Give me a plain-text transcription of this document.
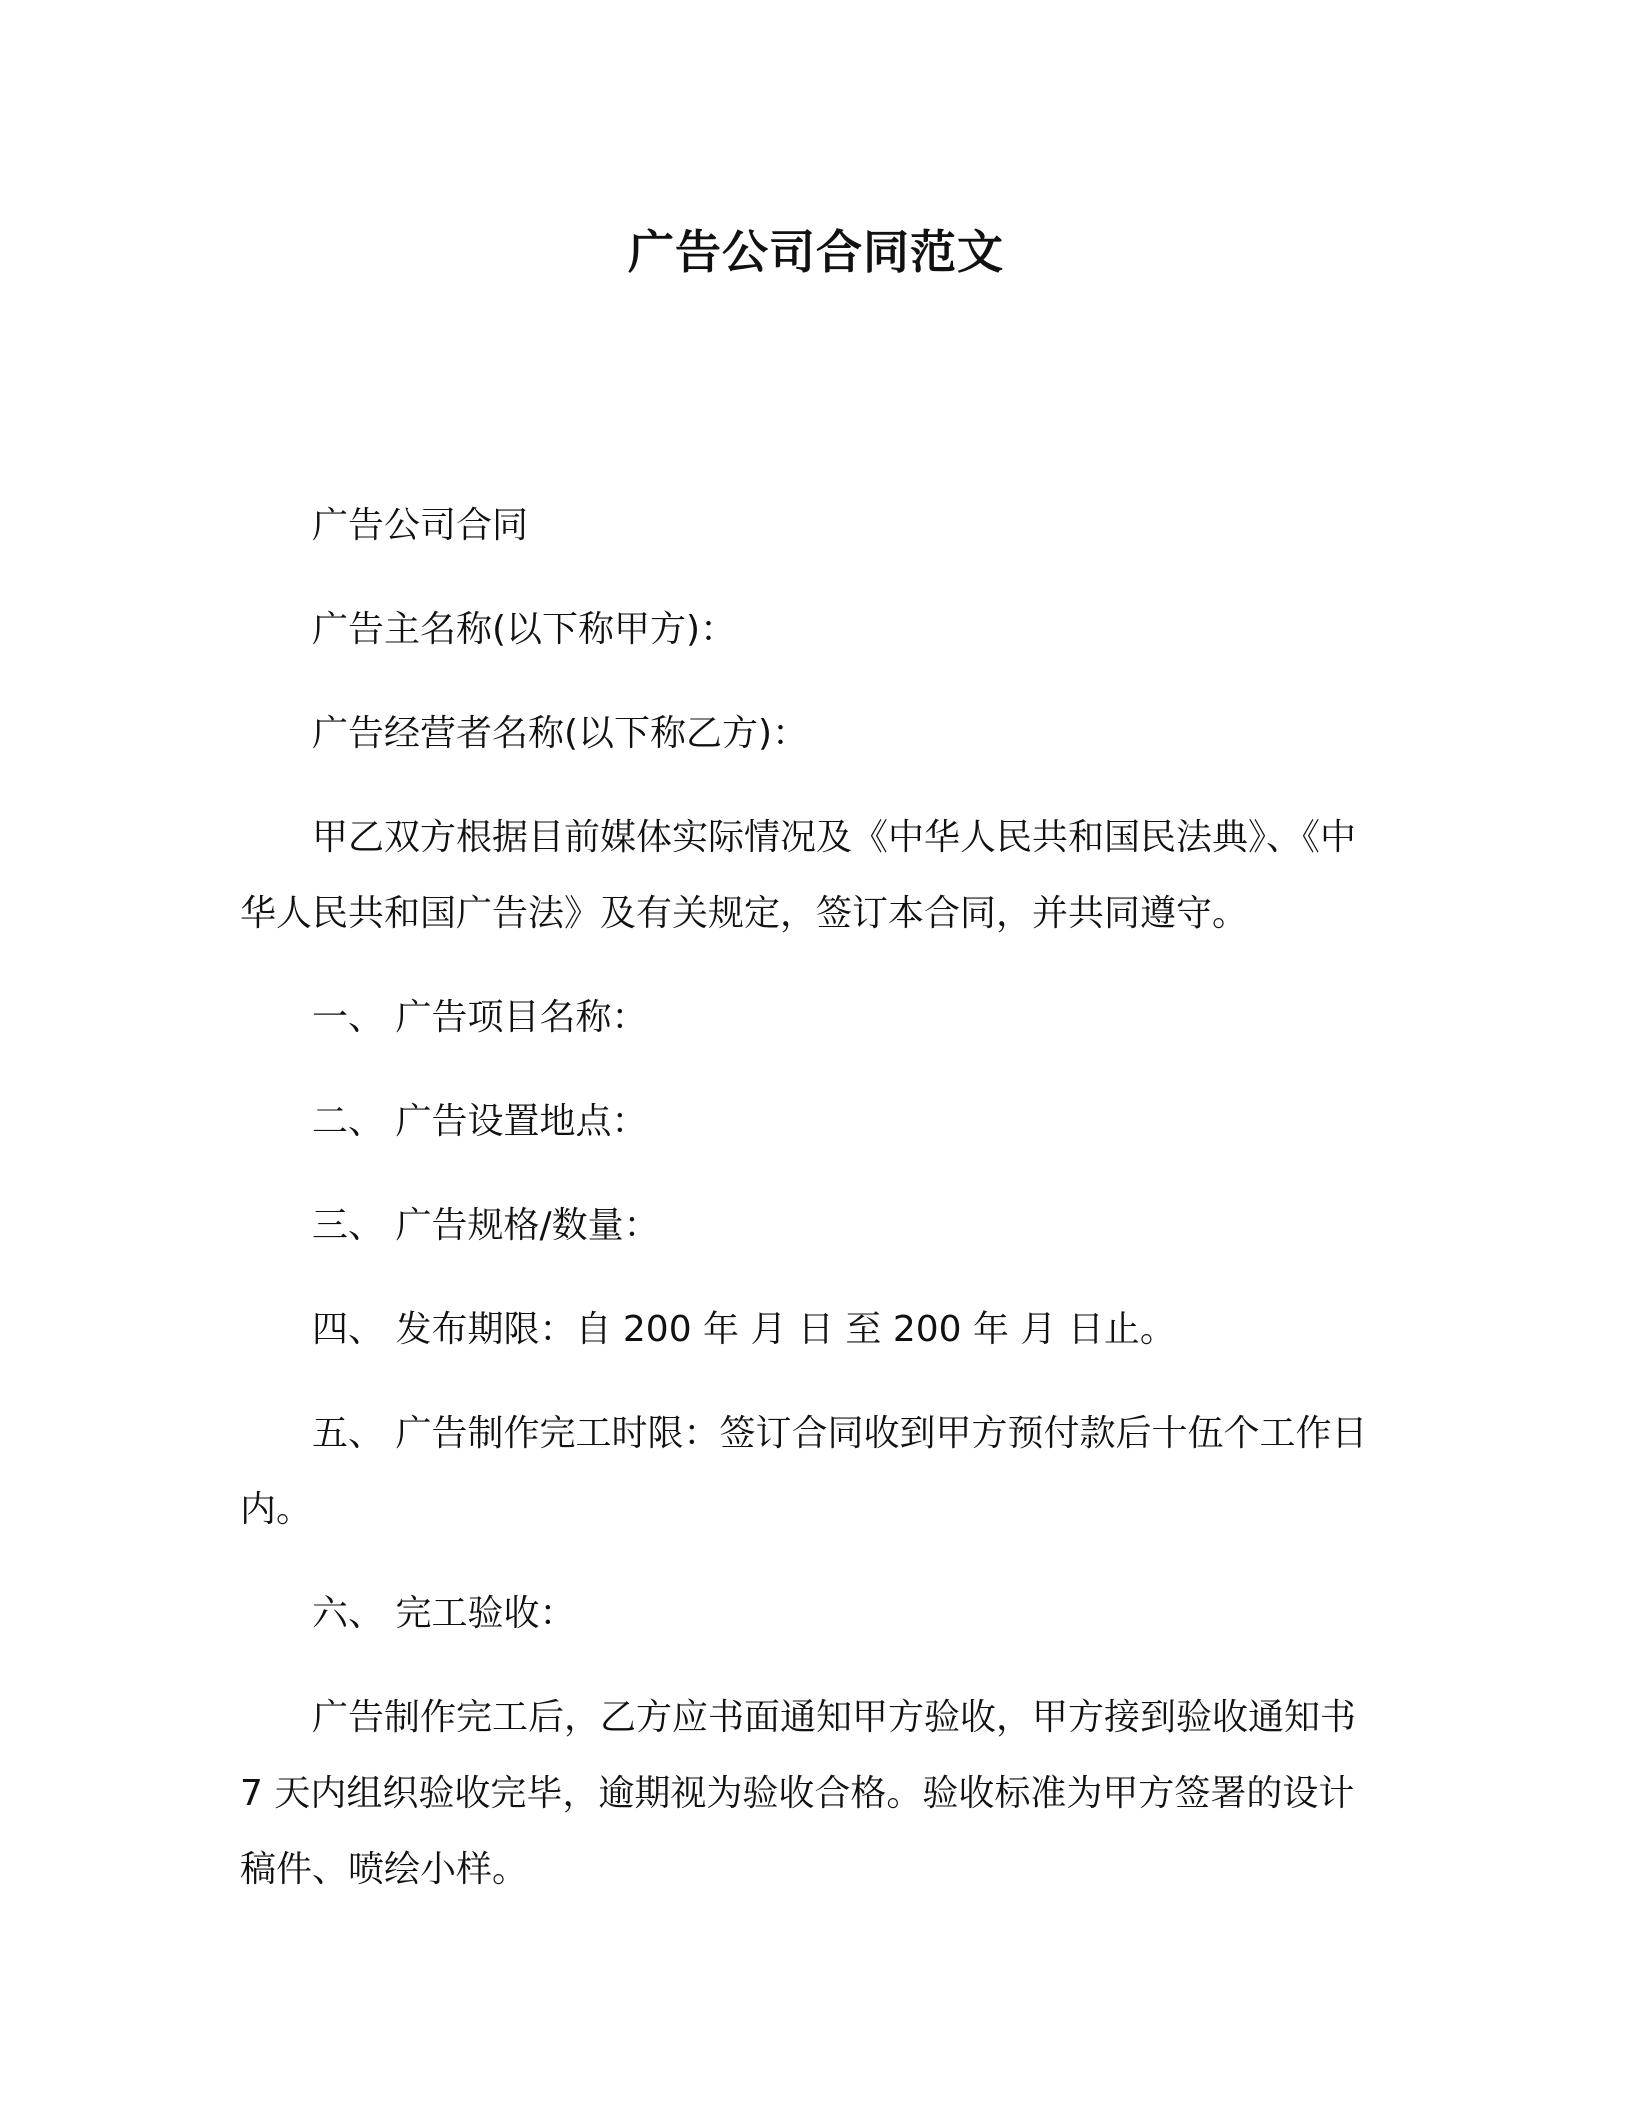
广告公司合同范文

广告公司合同

广告主名称(以下称甲方)：

广告经营者名称(以下称乙方)：

甲乙双方根据目前媒体实际情况及《中华人民共和国民法典》、《中华人民共和国广告法》及有关规定，签订本合同，并共同遵守。

一、 广告项目名称：

二、 广告设置地点：

三、 广告规格/数量：

四、 发布期限：自 200 年 月 日 至 200 年 月 日止。

五、 广告制作完工时限：签订合同收到甲方预付款后十伍个工作日内。

六、 完工验收：

广告制作完工后，乙方应书面通知甲方验收，甲方接到验收通知书 7 天内组织验收完毕，逾期视为验收合格。验收标准为甲方签署的设计稿件、喷绘小样。
